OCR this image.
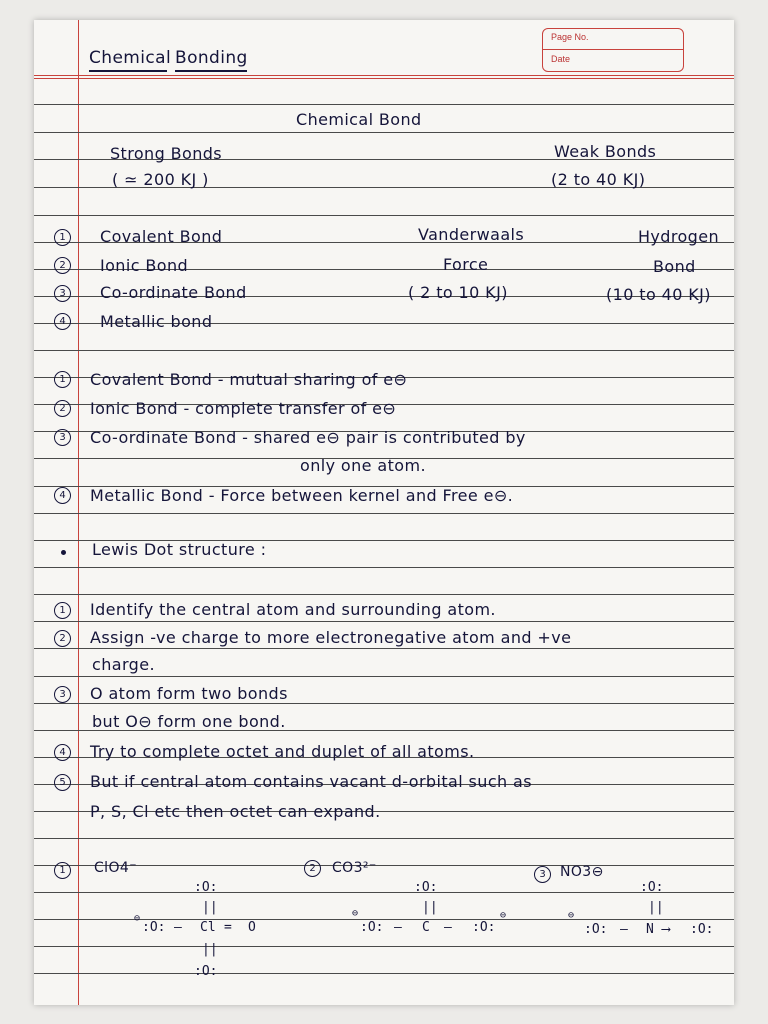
Page No.
Date
Chemical Bonding
Chemical Bond
Strong Bonds
( ≃ 200 KJ )
Weak Bonds
(2 to 40 KJ)
1	Covalent Bond
2	Ionic Bond
3	Co-ordinate Bond
4	Metallic bond
Vanderwaals
Force
( 2 to 10 KJ)
Hydrogen
Bond
(10 to 40 KJ)
1	Covalent Bond - mutual sharing of e⊖
2	Ionic Bond - complete transfer of e⊖
3	Co-ordinate Bond - shared e⊖ pair is contributed by
only one atom.
4	Metallic Bond - Force between kernel and Free e⊖.
Lewis Dot structure :
1	Identify the central atom and surrounding atom.
2	Assign -ve charge to more electronegative atom and +ve
charge.
3	O atom form two bonds
but O⊖ form one bond.
4	Try to complete octet and duplet of all atoms.
5	But if central atom contains vacant d-orbital such as
P, S, Cl etc then octet can expand.
1	ClO4⁻	2	CO3²⁻	3	NO3⊖
:O:
||
⊖
:O: — Cl = O
||
:O:
:O:
||
⊖
:O: — C — :O:
⊖
:O:
||
⊖
:O: — N ⟶ :O:
